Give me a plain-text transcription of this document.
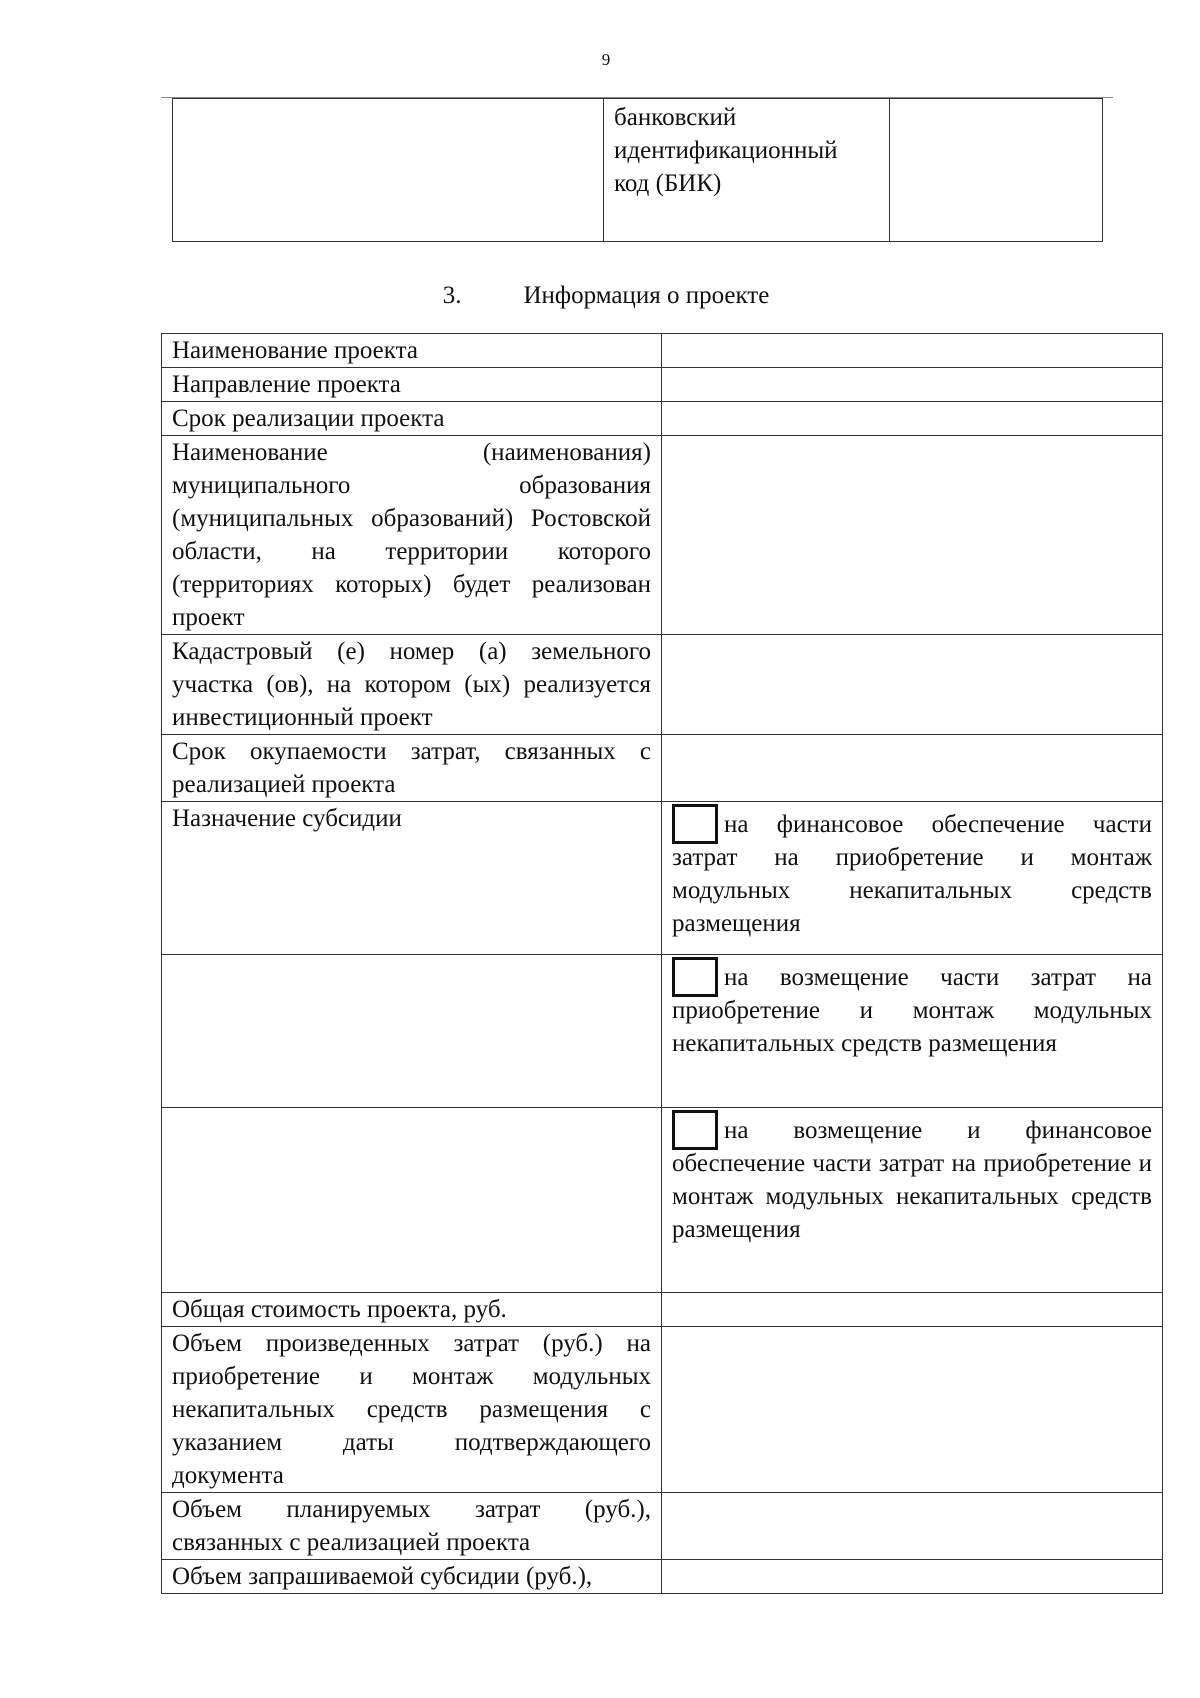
9
	банковский идентификационный код (БИК)	
3. Информация о проекте
Наименование проекта	
Направление проекта	
Срок реализации проекта	
Наименование (наименования) муниципального образования (муниципальных образований) Ростовской области, на территории которого (территориях которых) будет реализован проект	
Кадастровый (е) номер (а) земельного участка (ов), на котором (ых) реализуется инвестиционный проект	
Срок окупаемости затрат, связанных с реализацией проекта	
Назначение субсидии	на финансовое обеспечение части затрат на приобретение и монтаж модульных некапитальных средств размещения
	на возмещение части затрат на приобретение и монтаж модульных некапитальных средств размещения
	на возмещение и финансовое обеспечение части затрат на приобретение и монтаж модульных некапитальных средств размещения
Общая стоимость проекта, руб.	
Объем произведенных затрат (руб.) на приобретение и монтаж модульных некапитальных средств размещения с указанием даты подтверждающего документа	
Объем планируемых затрат (руб.), связанных с реализацией проекта	
Объем запрашиваемой субсидии (руб.),	
